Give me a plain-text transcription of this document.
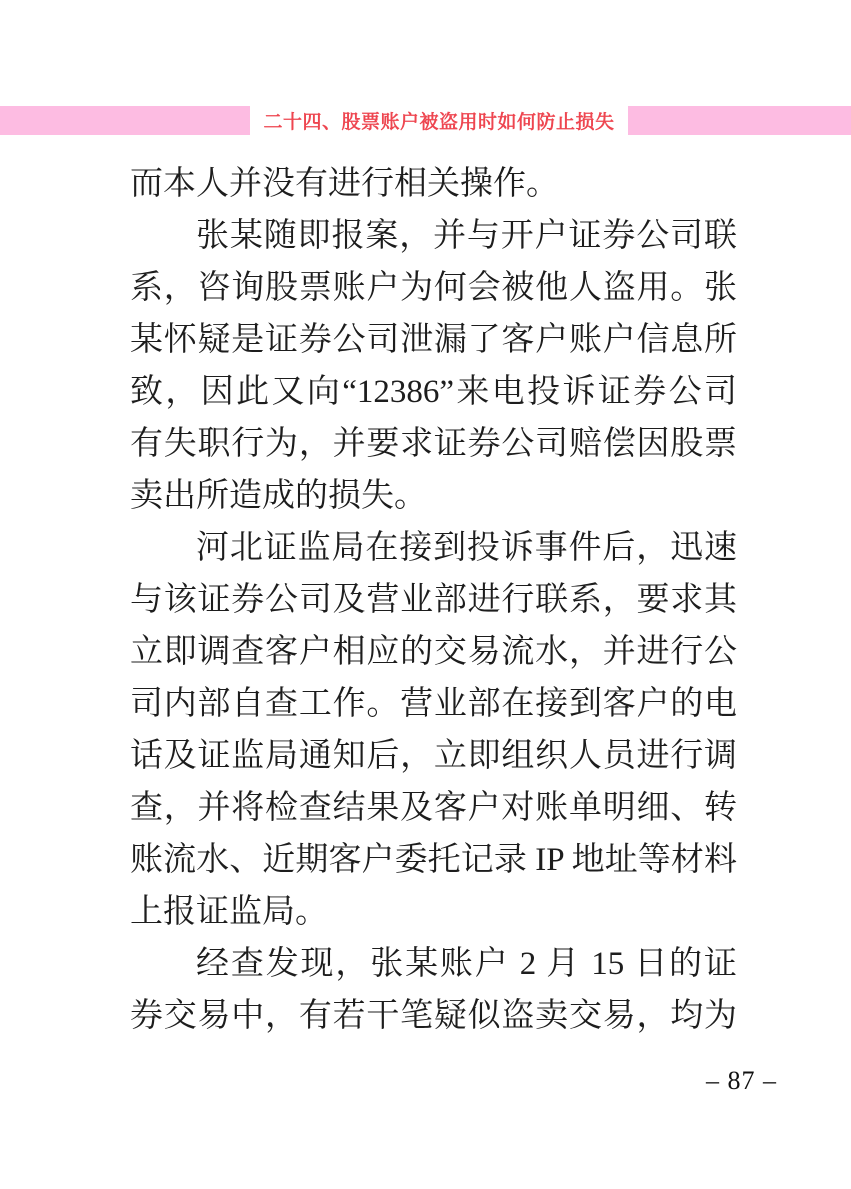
二十四、股票账户被盗用时如何防止损失
而本人并没有进行相关操作。
张某随即报案，并与开户证券公司联
系，咨询股票账户为何会被他人盗用。张
某怀疑是证券公司泄漏了客户账户信息所
致，因此又向“12386”来电投诉证券公司
有失职行为，并要求证券公司赔偿因股票
卖出所造成的损失。
河北证监局在接到投诉事件后，迅速
与该证券公司及营业部进行联系，要求其
立即调查客户相应的交易流水，并进行公
司内部自查工作。营业部在接到客户的电
话及证监局通知后，立即组织人员进行调
查，并将检查结果及客户对账单明细、转
账流水、近期客户委托记录 IP 地址等材料
上报证监局。
经查发现，张某账户 2 月 15 日的证
券交易中，有若干笔疑似盗卖交易，均为
– 87 –
